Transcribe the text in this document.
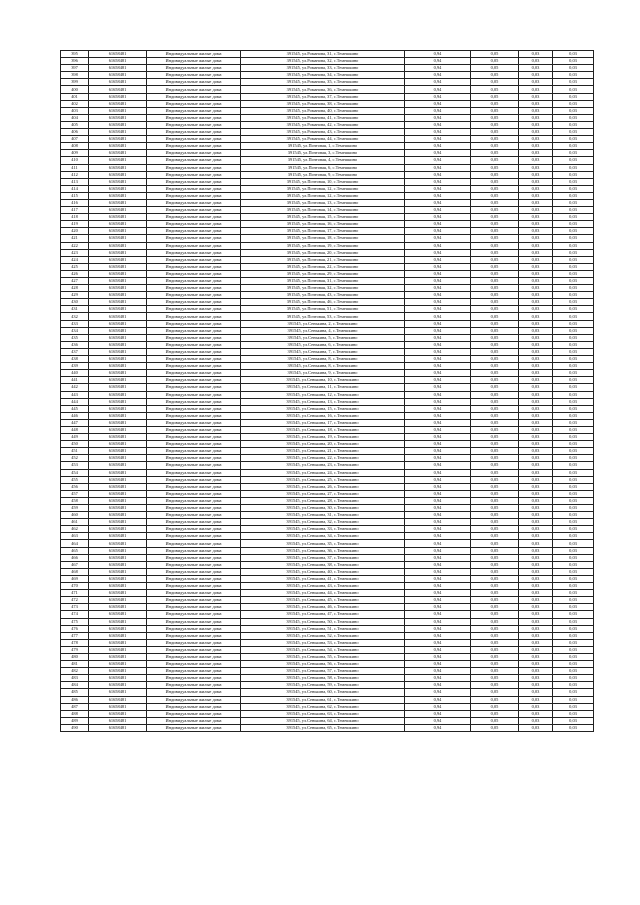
395	61658481	Индивидуальные жилые дома	391545, ул.Романова, 31, с.Темешкино	0,94	0,05	0,03	0,03
396	61658481	Индивидуальные жилые дома	391545, ул.Романова, 32, с.Темешкино	0,94	0,05	0,03	0,03
397	61658481	Индивидуальные жилые дома	391545, ул.Романова, 33, с.Темешкино	0,94	0,05	0,03	0,03
398	61658481	Индивидуальные жилые дома	391545, ул.Романова, 34, с.Темешкино	0,94	0,05	0,03	0,03
399	61658481	Индивидуальные жилые дома	391545, ул.Романова, 35, с.Темешкино	0,94	0,05	0,03	0,03
400	61658481	Индивидуальные жилые дома	391545, ул.Романова, 36, с.Темешкино	0,94	0,05	0,03	0,03
401	61658481	Индивидуальные жилые дома	391545, ул.Романова, 37, с.Темешкино	0,94	0,05	0,03	0,03
402	61658481	Индивидуальные жилые дома	391545, ул.Романова, 38, с.Темешкино	0,94	0,05	0,03	0,03
403	61658481	Индивидуальные жилые дома	391545, ул.Романова, 40, с.Темешкино	0,94	0,05	0,03	0,03
404	61658481	Индивидуальные жилые дома	391545, ул.Романова, 41, с.Темешкино	0,94	0,05	0,03	0,03
405	61658481	Индивидуальные жилые дома	391545, ул.Романова, 42, с.Темешкино	0,94	0,05	0,03	0,03
406	61658481	Индивидуальные жилые дома	391545, ул.Романова, 43, с.Темешкино	0,94	0,05	0,03	0,03
407	61658481	Индивидуальные жилые дома	391545, ул.Романова, 44, с.Темешкино	0,94	0,05	0,03	0,03
408	61658481	Индивидуальные жилые дома	391545, ул.Почтовая, 1, с.Темешкино	0,94	0,05	0,03	0,03
409	61658481	Индивидуальные жилые дома	391545, ул.Почтовая, 3, с.Темешкино	0,94	0,05	0,03	0,03
410	61658481	Индивидуальные жилые дома	391545, ул.Почтовая, 4, с.Темешкино	0,94	0,05	0,03	0,03
411	61658481	Индивидуальные жилые дома	391545, ул.Почтовая, 6, с.Темешкино	0,94	0,05	0,03	0,03
412	61658481	Индивидуальные жилые дома	391545, ул.Почтовая, 9, с.Темешкино	0,94	0,05	0,03	0,03
413	61658481	Индивидуальные жилые дома	391545, ул.Почтовая, 10, с.Темешкино	0,94	0,05	0,03	0,03
414	61658481	Индивидуальные жилые дома	391545, ул.Почтовая, 12, с.Темешкино	0,94	0,05	0,03	0,03
415	61658481	Индивидуальные жилые дома	391545, ул.Почтовая, 12, с.Темешкино	0,94	0,05	0,03	0,03
416	61658481	Индивидуальные жилые дома	391545, ул.Почтовая, 13, с.Темешкино	0,94	0,05	0,03	0,03
417	61658481	Индивидуальные жилые дома	391545, ул.Почтовая, 14, с.Темешкино	0,94	0,05	0,03	0,03
418	61658481	Индивидуальные жилые дома	391545, ул.Почтовая, 15, с.Темешкино	0,94	0,05	0,03	0,03
419	61658481	Индивидуальные жилые дома	391545, ул.Почтовая, 16, с.Темешкино	0,94	0,05	0,03	0,03
420	61658481	Индивидуальные жилые дома	391545, ул.Почтовая, 17, с.Темешкино	0,94	0,05	0,03	0,03
421	61658481	Индивидуальные жилые дома	391545, ул.Почтовая, 18, с.Темешкино	0,94	0,05	0,03	0,03
422	61658481	Индивидуальные жилые дома	391545, ул.Почтовая, 19, с.Темешкино	0,94	0,05	0,03	0,03
423	61658481	Индивидуальные жилые дома	391545, ул.Почтовая, 20, с.Темешкино	0,94	0,05	0,03	0,03
424	61658481	Индивидуальные жилые дома	391545, ул.Почтовая, 21, с.Темешкино	0,94	0,05	0,03	0,03
425	61658481	Индивидуальные жилые дома	391545, ул.Почтовая, 22, с.Темешкино	0,94	0,05	0,03	0,03
426	61658481	Индивидуальные жилые дома	391545, ул.Почтовая, 29, с.Темешкино	0,94	0,05	0,03	0,03
427	61658481	Индивидуальные жилые дома	391545, ул.Почтовая, 31, с.Темешкино	0,94	0,05	0,03	0,03
428	61658481	Индивидуальные жилые дома	391545, ул.Почтовая, 32, с.Темешкино	0,94	0,05	0,03	0,03
429	61658481	Индивидуальные жилые дома	391545, ул.Почтовая, 43, с.Темешкино	0,94	0,05	0,03	0,03
430	61658481	Индивидуальные жилые дома	391545, ул.Почтовая, 46, с.Темешкино	0,94	0,05	0,03	0,03
431	61658481	Индивидуальные жилые дома	391545, ул.Почтовая, 51, с.Темешкино	0,94	0,05	0,03	0,03
432	61658481	Индивидуальные жилые дома	391545, ул.Почтовая, 53, с.Темешкино	0,94	0,05	0,03	0,03
433	61658481	Индивидуальные жилые дома	391545, ул.Сенькина, 2, с.Темешкино	0,94	0,05	0,03	0,03
434	61658481	Индивидуальные жилые дома	391545, ул.Сенькина, 4, с.Темешкино	0,94	0,05	0,03	0,03
435	61658481	Индивидуальные жилые дома	391545, ул.Сенькина, 5, с.Темешкино	0,94	0,05	0,03	0,03
436	61658481	Индивидуальные жилые дома	391545, ул.Сенькина, 6, с.Темешкино	0,94	0,05	0,03	0,03
437	61658481	Индивидуальные жилые дома	391545, ул.Сенькина, 7, с.Темешкино	0,94	0,05	0,03	0,03
438	61658481	Индивидуальные жилые дома	391545, ул.Сенькина, 8, с.Темешкино	0,94	0,05	0,03	0,03
439	61658481	Индивидуальные жилые дома	391545, ул.Сенькина, 8, с.Темешкино	0,94	0,05	0,03	0,03
440	61658481	Индивидуальные жилые дома	391545, ул.Сенькина, 9, с.Темешкино	0,94	0,05	0,03	0,03
441	61658481	Индивидуальные жилые дома	391545, ул.Сенькина, 10, с.Темешкино	0,94	0,05	0,03	0,03
442	61658481	Индивидуальные жилые дома	391545, ул.Сенькина, 11, с.Темешкино	0,94	0,05	0,03	0,03
443	61658481	Индивидуальные жилые дома	391545, ул.Сенькина, 12, с.Темешкино	0,94	0,05	0,03	0,03
444	61658481	Индивидуальные жилые дома	391545, ул.Сенькина, 13, с.Темешкино	0,94	0,05	0,03	0,03
445	61658481	Индивидуальные жилые дома	391545, ул.Сенькина, 15, с.Темешкино	0,94	0,05	0,03	0,03
446	61658481	Индивидуальные жилые дома	391545, ул.Сенькина, 16, с.Темешкино	0,94	0,05	0,03	0,03
447	61658481	Индивидуальные жилые дома	391545, ул.Сенькина, 17, с.Темешкино	0,94	0,05	0,03	0,03
448	61658481	Индивидуальные жилые дома	391545, ул.Сенькина, 18, с.Темешкино	0,94	0,05	0,03	0,03
449	61658481	Индивидуальные жилые дома	391545, ул.Сенькина, 19, с.Темешкино	0,94	0,05	0,03	0,03
450	61658481	Индивидуальные жилые дома	391545, ул.Сенькина, 20, с.Темешкино	0,94	0,05	0,03	0,03
451	61658481	Индивидуальные жилые дома	391545, ул.Сенькина, 21, с.Темешкино	0,94	0,05	0,03	0,03
452	61658481	Индивидуальные жилые дома	391545, ул.Сенькина, 22, с.Темешкино	0,94	0,05	0,03	0,03
453	61658481	Индивидуальные жилые дома	391545, ул.Сенькина, 23, с.Темешкино	0,94	0,05	0,03	0,03
454	61658481	Индивидуальные жилые дома	391545, ул.Сенькина, 24, с.Темешкино	0,94	0,05	0,03	0,03
455	61658481	Индивидуальные жилые дома	391545, ул.Сенькина, 25, с.Темешкино	0,94	0,05	0,03	0,03
456	61658481	Индивидуальные жилые дома	391545, ул.Сенькина, 26, с.Темешкино	0,94	0,05	0,03	0,03
457	61658481	Индивидуальные жилые дома	391545, ул.Сенькина, 27, с.Темешкино	0,94	0,05	0,03	0,03
458	61658481	Индивидуальные жилые дома	391545, ул.Сенькина, 28, с.Темешкино	0,94	0,05	0,03	0,03
459	61658481	Индивидуальные жилые дома	391545, ул.Сенькина, 30, с.Темешкино	0,94	0,05	0,03	0,03
460	61658481	Индивидуальные жилые дома	391545, ул.Сенькина, 31, с.Темешкино	0,94	0,05	0,03	0,03
461	61658481	Индивидуальные жилые дома	391545, ул.Сенькина, 32, с.Темешкино	0,94	0,05	0,03	0,03
462	61658481	Индивидуальные жилые дома	391545, ул.Сенькина, 33, с.Темешкино	0,94	0,05	0,03	0,03
463	61658481	Индивидуальные жилые дома	391545, ул.Сенькина, 34, с.Темешкино	0,94	0,05	0,03	0,03
464	61658481	Индивидуальные жилые дома	391545, ул.Сенькина, 35, с.Темешкино	0,94	0,05	0,03	0,03
465	61658481	Индивидуальные жилые дома	391545, ул.Сенькина, 36, с.Темешкино	0,94	0,05	0,03	0,03
466	61658481	Индивидуальные жилые дома	391545, ул.Сенькина, 37, с.Темешкино	0,94	0,05	0,03	0,03
467	61658481	Индивидуальные жилые дома	391545, ул.Сенькина, 38, с.Темешкино	0,94	0,05	0,03	0,03
468	61658481	Индивидуальные жилые дома	391545, ул.Сенькина, 40, с.Темешкино	0,94	0,05	0,03	0,03
469	61658481	Индивидуальные жилые дома	391545, ул.Сенькина, 41, с.Темешкино	0,94	0,05	0,03	0,03
470	61658481	Индивидуальные жилые дома	391545, ул.Сенькина, 43, с.Темешкино	0,94	0,05	0,03	0,03
471	61658481	Индивидуальные жилые дома	391545, ул.Сенькина, 44, с.Темешкино	0,94	0,05	0,03	0,03
472	61658481	Индивидуальные жилые дома	391545, ул.Сенькина, 45, с.Темешкино	0,94	0,05	0,03	0,03
473	61658481	Индивидуальные жилые дома	391545, ул.Сенькина, 46, с.Темешкино	0,94	0,05	0,03	0,03
474	61658481	Индивидуальные жилые дома	391545, ул.Сенькина, 47, с.Темешкино	0,94	0,05	0,03	0,03
475	61658481	Индивидуальные жилые дома	391545, ул.Сенькина, 50, с.Темешкино	0,94	0,05	0,03	0,03
476	61658481	Индивидуальные жилые дома	391545, ул.Сенькина, 51, с.Темешкино	0,94	0,05	0,03	0,03
477	61658481	Индивидуальные жилые дома	391545, ул.Сенькина, 52, с.Темешкино	0,94	0,05	0,03	0,03
478	61658481	Индивидуальные жилые дома	391545, ул.Сенькина, 53, с.Темешкино	0,94	0,05	0,03	0,03
479	61658481	Индивидуальные жилые дома	391545, ул.Сенькина, 54, с.Темешкино	0,94	0,05	0,03	0,03
480	61658481	Индивидуальные жилые дома	391545, ул.Сенькина, 55, с.Темешкино	0,94	0,05	0,03	0,03
481	61658481	Индивидуальные жилые дома	391545, ул.Сенькина, 56, с.Темешкино	0,94	0,05	0,03	0,03
482	61658481	Индивидуальные жилые дома	391545, ул.Сенькина, 57, с.Темешкино	0,94	0,05	0,03	0,03
483	61658481	Индивидуальные жилые дома	391545, ул.Сенькина, 58, с.Темешкино	0,94	0,05	0,03	0,03
484	61658481	Индивидуальные жилые дома	391545, ул.Сенькина, 59, с.Темешкино	0,94	0,05	0,03	0,03
485	61658481	Индивидуальные жилые дома	391545, ул.Сенькина, 60, с.Темешкино	0,94	0,05	0,03	0,03
486	61658481	Индивидуальные жилые дома	391545, ул.Сенькина, 61, с.Темешкино	0,94	0,05	0,03	0,03
487	61658481	Индивидуальные жилые дома	391545, ул.Сенькина, 62, с.Темешкино	0,94	0,05	0,03	0,03
488	61658481	Индивидуальные жилые дома	391545, ул.Сенькина, 63, с.Темешкино	0,94	0,05	0,03	0,03
489	61658481	Индивидуальные жилые дома	391545, ул.Сенькина, 64, с.Темешкино	0,94	0,05	0,03	0,03
490	61658481	Индивидуальные жилые дома	391545, ул.Сенькина, 65, с.Темешкино	0,94	0,05	0,03	0,03
